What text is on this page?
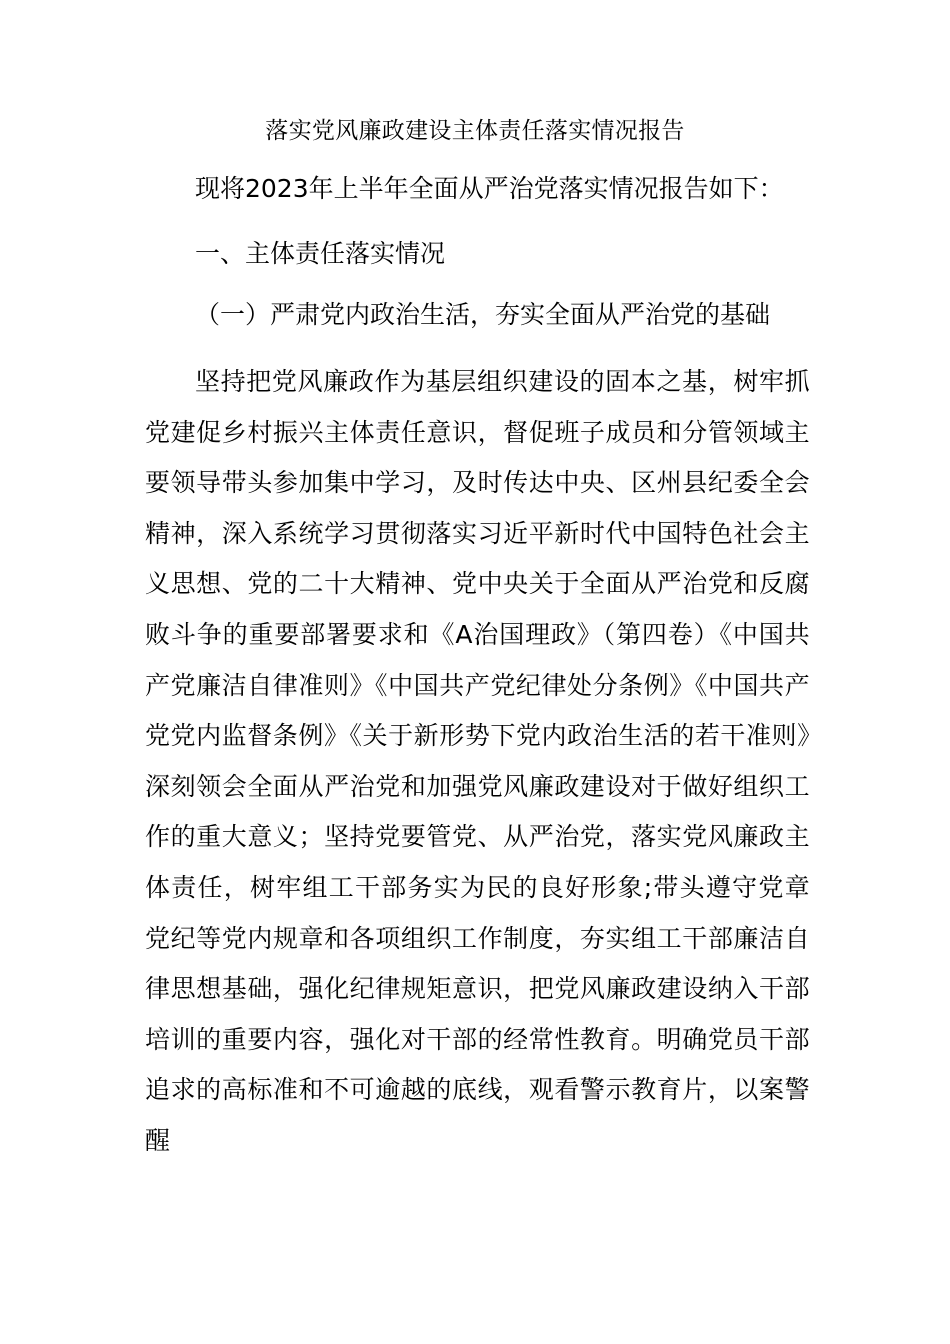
落实党风廉政建设主体责任落实情况报告
现将2023年上半年全面从严治党落实情况报告如下：
一、主体责任落实情况
（一）严肃党内政治生活，夯实全面从严治党的基础
坚持把党风廉政作为基层组织建设的固本之基，树牢抓党建促乡村振兴主体责任意识，督促班子成员和分管领域主要领导带头参加集中学习，及时传达中央、区州县纪委全会精神，深入系统学习贯彻落实习近平新时代中国特色社会主义思想、党的二十大精神、党中央关于全面从严治党和反腐败斗争的重要部署要求和《A治国理政》（第四卷）《中国共产党廉洁自律准则》《中国共产党纪律处分条例》《中国共产党党内监督条例》《关于新形势下党内政治生活的若干准则》深刻领会全面从严治党和加强党风廉政建设对于做好组织工作的重大意义；坚持党要管党、从严治党，落实党风廉政主体责任，树牢组工干部务实为民的良好形象;带头遵守党章党纪等党内规章和各项组织工作制度，夯实组工干部廉洁自律思想基础，强化纪律规矩意识，把党风廉政建设纳入干部培训的重要内容，强化对干部的经常性教育。明确党员干部追求的高标准和不可逾越的底线，观看警示教育片，以案警醒
